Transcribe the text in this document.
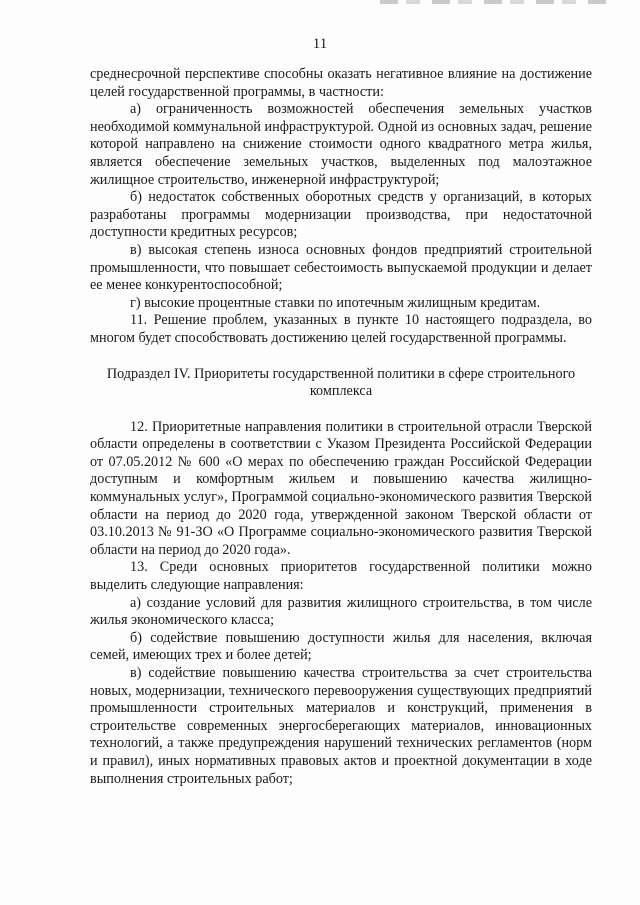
11

среднесрочной перспективе способны оказать негативное влияние на достижение целей государственной программы, в частности:

а) ограниченность возможностей обеспечения земельных участков необходимой коммунальной инфраструктурой. Одной из основных задач, решение которой направлено на снижение стоимости одного квадратного метра жилья, является обеспечение земельных участков, выделенных под малоэтажное жилищное строительство, инженерной инфраструктурой;

б) недостаток собственных оборотных средств у организаций, в которых разработаны программы модернизации производства, при недостаточной доступности кредитных ресурсов;

в) высокая степень износа основных фондов предприятий строительной промышленности, что повышает себестоимость выпускаемой продукции и делает ее менее конкурентоспособной;

г) высокие процентные ставки по ипотечным жилищным кредитам.

11. Решение проблем, указанных в пункте 10 настоящего подраздела, во многом будет способствовать достижению целей государственной программы.

Подраздел IV. Приоритеты государственной политики в сфере строительного комплекса

12. Приоритетные направления политики в строительной отрасли Тверской области определены в соответствии с Указом Президента Российской Федерации от 07.05.2012 № 600 «О мерах по обеспечению граждан Российской Федерации доступным и комфортным жильем и повышению качества жилищно-коммунальных услуг», Программой социально-экономического развития Тверской области на период до 2020 года, утвержденной законом Тверской области от 03.10.2013 № 91-ЗО «О Программе социально-экономического развития Тверской области на период до 2020 года».

13. Среди основных приоритетов государственной политики можно выделить следующие направления:

а) создание условий для развития жилищного строительства, в том числе жилья экономического класса;

б) содействие повышению доступности жилья для населения, включая семей, имеющих трех и более детей;

в) содействие повышению качества строительства за счет строительства новых, модернизации, технического перевооружения существующих предприятий промышленности строительных материалов и конструкций, применения в строительстве современных энергосберегающих материалов, инновационных технологий, а также предупреждения нарушений технических регламентов (норм и правил), иных нормативных правовых актов и проектной документации в ходе выполнения строительных работ;
